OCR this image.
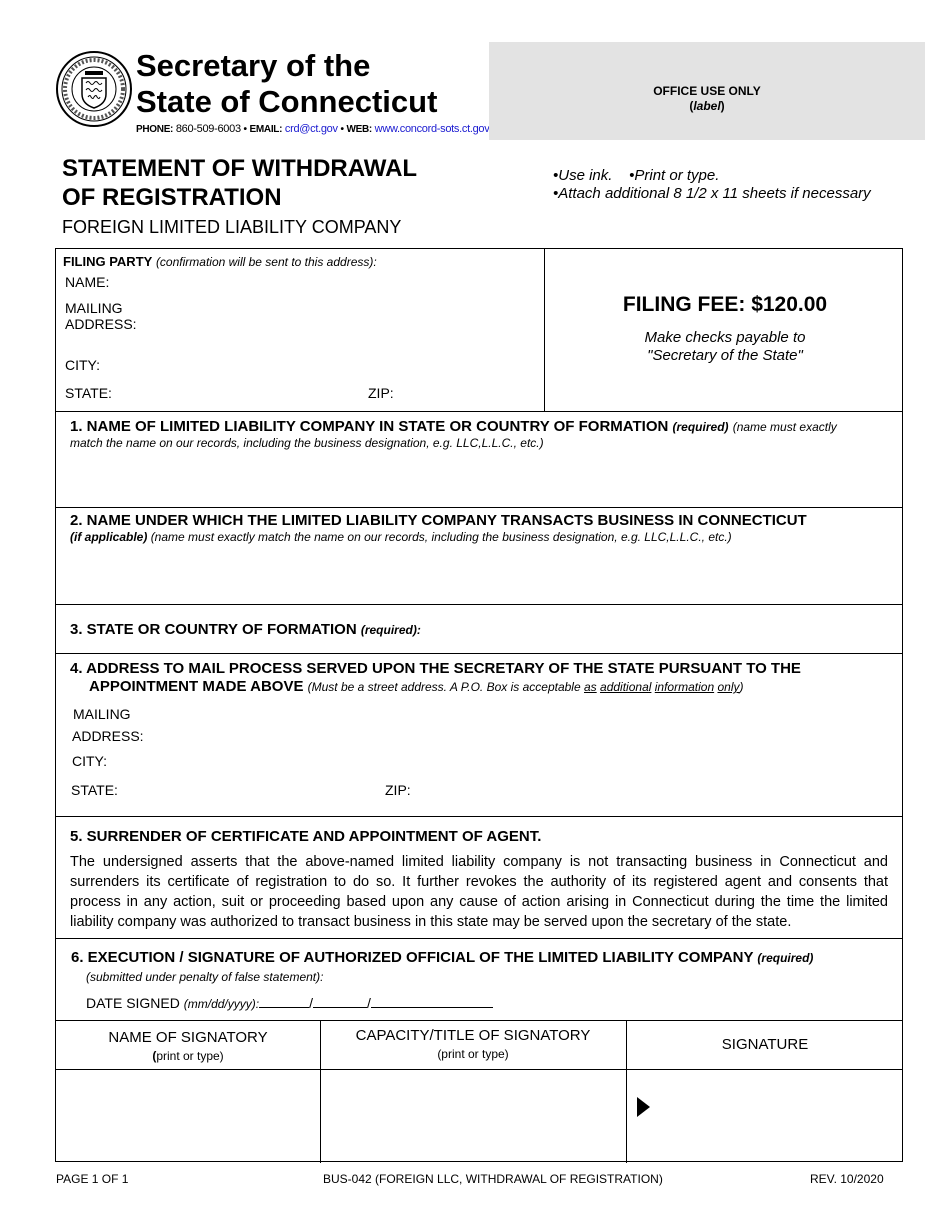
Secretary of the
State of Connecticut
PHONE: 860-509-6003 • EMAIL: crd@ct.gov • WEB: www.concord-sots.ct.gov
OFFICE USE ONLY
(label)
STATEMENT OF WITHDRAWAL
OF REGISTRATION
FOREIGN LIMITED LIABILITY COMPANY
•Use ink.    •Print or type.
•Attach additional 8 1/2 x 11 sheets if necessary
FILING PARTY (confirmation will be sent to this address):
NAME:
MAILING
ADDRESS:
CITY:
STATE:	ZIP:
FILING FEE: $120.00
Make checks payable to
"Secretary of the State"
1. NAME OF LIMITED LIABILITY COMPANY IN STATE OR COUNTRY OF FORMATION (required) (name must exactly
match the name on our records, including the business designation, e.g. LLC,L.L.C., etc.)
2. NAME UNDER WHICH THE LIMITED LIABILITY COMPANY TRANSACTS BUSINESS IN CONNECTICUT
(if applicable) (name must exactly match the name on our records, including the business designation, e.g. LLC,L.L.C., etc.)
3. STATE OR COUNTRY OF FORMATION (required):
4. ADDRESS TO MAIL PROCESS SERVED UPON THE SECRETARY OF THE STATE PURSUANT TO THE
APPOINTMENT MADE ABOVE (Must be a street address. A P.O. Box is acceptable as additional information only)
MAILING
ADDRESS:
CITY:
STATE:	ZIP:
5. SURRENDER OF CERTIFICATE AND APPOINTMENT OF AGENT.
The undersigned asserts that the above-named limited liability company is not transacting business in Connecticut and surrenders its certificate of registration to do so. It further revokes the authority of its registered agent and consents that process in any action, suit or proceeding based upon any cause of action arising in Connecticut during the time the limited liability company was authorized to transact business in this state may be served upon the secretary of the state.
6. EXECUTION / SIGNATURE OF AUTHORIZED OFFICIAL OF THE LIMITED LIABILITY COMPANY (required)
(submitted under penalty of false statement):
DATE SIGNED (mm/dd/yyyy):	/	/
NAME OF SIGNATORY
(print or type)
CAPACITY/TITLE OF SIGNATORY
(print or type)
SIGNATURE
PAGE 1 OF 1	BUS-042 (FOREIGN LLC, WITHDRAWAL OF REGISTRATION)	REV. 10/2020
